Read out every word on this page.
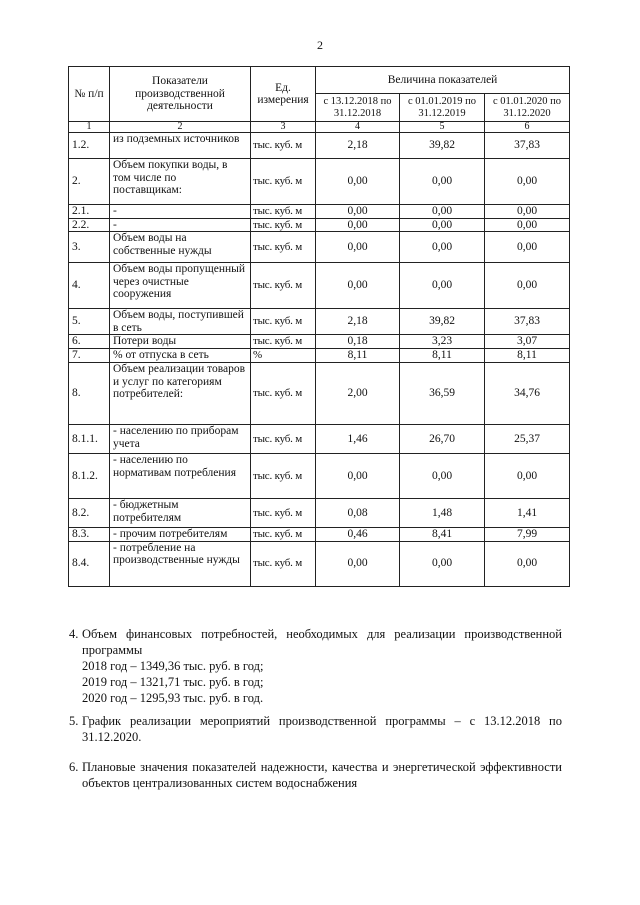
2
№ п/п	Показатели производственной деятельности	Ед. измерения	Величина показателей		
			с 13.12.2018 по 31.12.2018	с 01.01.2019 по 31.12.2019	с 01.01.2020 по 31.12.2020
1	2	3	4	5	6
1.2.	из подземных источников	тыс. куб. м	2,18	39,82	37,83
2.	Объем покупки воды, в том числе по поставщикам:	тыс. куб. м	0,00	0,00	0,00
2.1.	-	тыс. куб. м	0,00	0,00	0,00
2.2.	-	тыс. куб. м	0,00	0,00	0,00
3.	Объем воды на собственные нужды	тыс. куб. м	0,00	0,00	0,00
4.	Объем воды пропущенный через очистные сооружения	тыс. куб. м	0,00	0,00	0,00
5.	Объем воды, поступившей в сеть	тыс. куб. м	2,18	39,82	37,83
6.	Потери воды	тыс. куб. м	0,18	3,23	3,07
7.	% от отпуска в сеть	%	8,11	8,11	8,11
8.	Объем реализации товаров и услуг по категориям потребителей:	тыс. куб. м	2,00	36,59	34,76
8.1.1.	- населению по приборам учета	тыс. куб. м	1,46	26,70	25,37
8.1.2.	- населению по нормативам потребления	тыс. куб. м	0,00	0,00	0,00
8.2.	- бюджетным потребителям	тыс. куб. м	0,08	1,48	1,41
8.3.	- прочим потребителям	тыс. куб. м	0,46	8,41	7,99
8.4.	- потребление на производственные нужды	тыс. куб. м	0,00	0,00	0,00
4. Объем финансовых потребностей, необходимых для реализации производственной программы

2018 год – 1349,36 тыс. руб. в год;
2019 год – 1321,71 тыс. руб. в год;
2020 год – 1295,93 тыс. руб. в год.
5. График реализации мероприятий производственной программы – с 13.12.2018 по 31.12.2020.

6. Плановые значения показателей надежности, качества и энергетической эффективности объектов централизованных систем водоснабжения
